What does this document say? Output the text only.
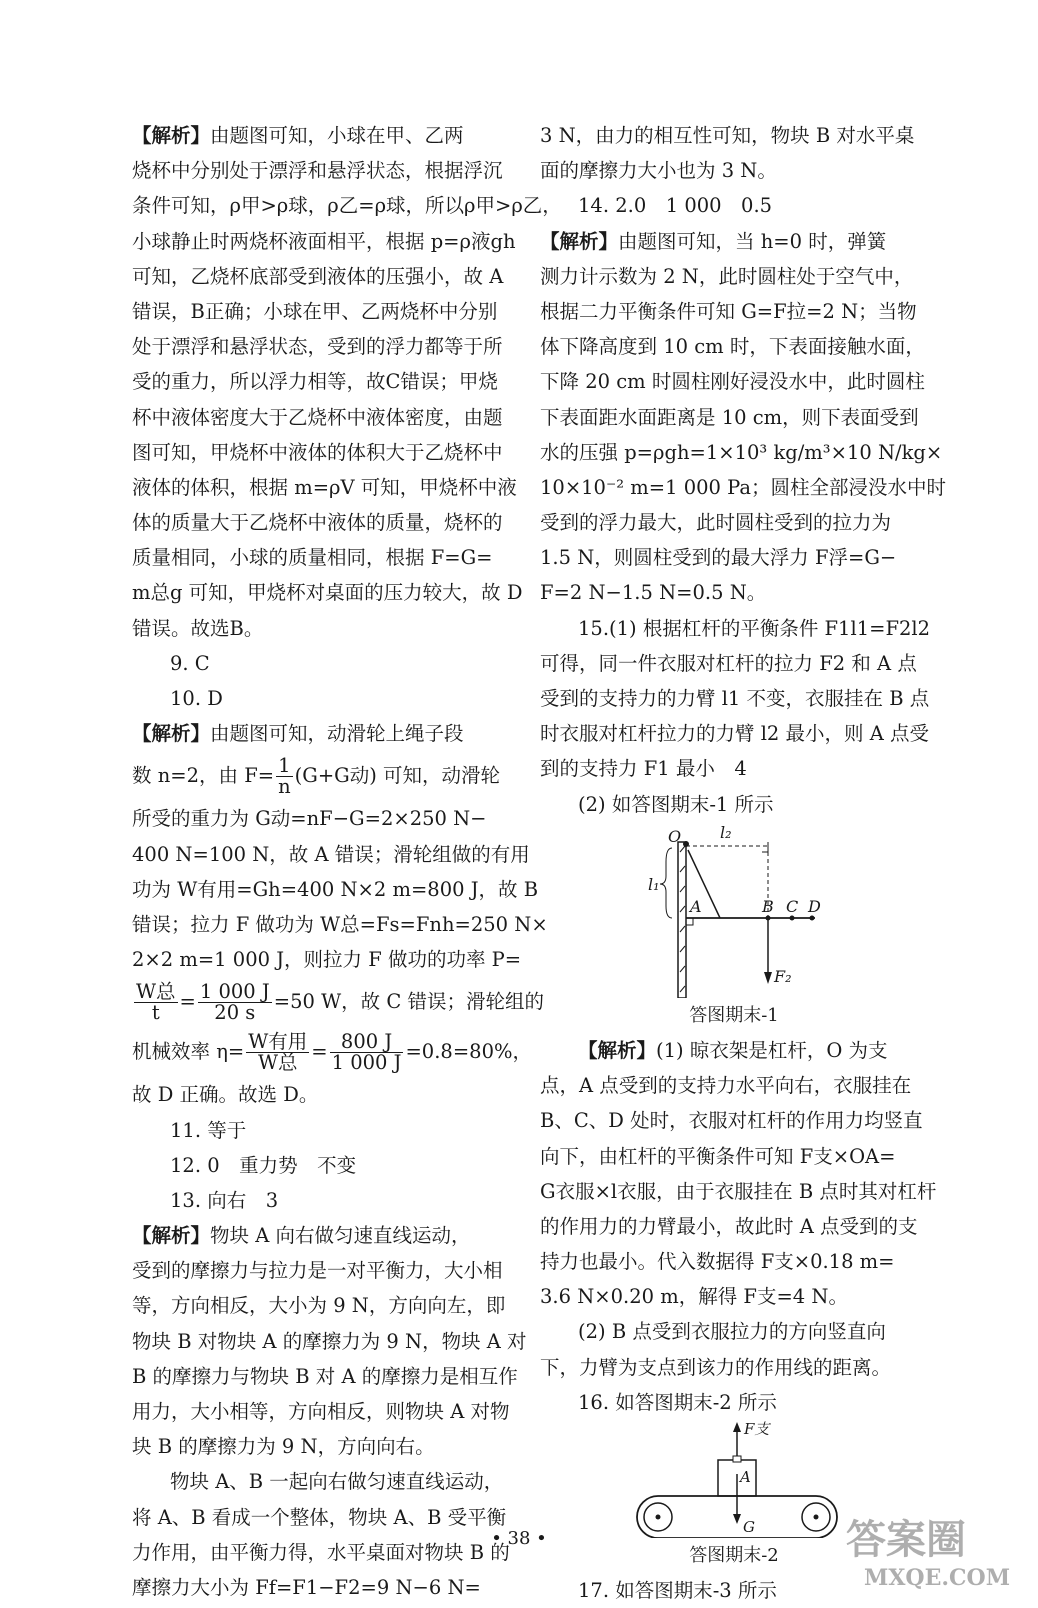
【解析】由题图可知，小球在甲、乙两
烧杯中分别处于漂浮和悬浮状态，根据浮沉
条件可知，ρ甲>ρ球，ρ乙=ρ球，所以ρ甲>ρ乙，
小球静止时两烧杯液面相平，根据 p=ρ液gh
可知，乙烧杯底部受到液体的压强小，故 A
错误，B正确；小球在甲、乙两烧杯中分别
处于漂浮和悬浮状态，受到的浮力都等于所
受的重力，所以浮力相等，故C错误；甲烧
杯中液体密度大于乙烧杯中液体密度，由题
图可知，甲烧杯中液体的体积大于乙烧杯中
液体的体积，根据 m=ρV 可知，甲烧杯中液
体的质量大于乙烧杯中液体的质量，烧杯的
质量相同，小球的质量相同，根据 F=G=
m总g 可知，甲烧杯对桌面的压力较大，故 D
错误。故选B。
9. C
10. D
【解析】由题图可知，动滑轮上绳子段
数 n=2，由 $F= \frac{1}{n} (G+G$动) 可知，动滑轮
所受的重力为 G动=nF−G=2×250 N−
400 N=100 N，故 A 错误；滑轮组做的有用
功为 W有用=Gh=400 N×2 m=800 J，故 B
错误；拉力 F 做功为 W总=Fs=Fnh=250 N×
2×2 m=1 000 J，则拉力 F 做功的功率 P=
$\frac{\text{W总}}{t} = \frac{1 000 J}{20 s} =50$ W，故 C 错误；滑轮组的
机械效率 $\eta= \frac{\text{W有用}}{\text{W总}} = \frac{800 J}{1 000 J} =0.8=80\%$，
故 D 正确。故选 D。
11. 等于
12. 0　重力势　不变
13. 向右　3
【解析】物块 A 向右做匀速直线运动，
受到的摩擦力与拉力是一对平衡力，大小相
等，方向相反，大小为 9 N，方向向左，即
物块 B 对物块 A 的摩擦力为 9 N，物块 A 对
B 的摩擦力与物块 B 对 A 的摩擦力是相互作
用力，大小相等，方向相反，则物块 A 对物
块 B 的摩擦力为 9 N，方向向右。
物块 A、B 一起向右做匀速直线运动，
将 A、B 看成一个整体，物块 A、B 受平衡
力作用，由平衡力得，水平桌面对物块 B 的
摩擦力大小为 Ff=F1−F2=9 N−6 N=
3 N，由力的相互性可知，物块 B 对水平桌
面的摩擦力大小也为 3 N。
14. 2.0　1 000　0.5
【解析】由题图可知，当 h=0 时，弹簧
测力计示数为 2 N，此时圆柱处于空气中，
根据二力平衡条件可知 G=F拉=2 N；当物
体下降高度到 10 cm 时，下表面接触水面，
下降 20 cm 时圆柱刚好浸没水中，此时圆柱
下表面距水面距离是 10 cm，则下表面受到
水的压强 p=ρgh=1×10³ kg/m³×10 N/kg×
10×10⁻² m=1 000 Pa；圆柱全部浸没水中时
受到的浮力最大，此时圆柱受到的拉力为
1.5 N，则圆柱受到的最大浮力 F浮=G−
F=2 N−1.5 N=0.5 N。
15.(1) 根据杠杆的平衡条件 F1l1=F2l2
可得，同一件衣服对杠杆的拉力 F2 和 A 点
受到的支持力的力臂 l1 不变，衣服挂在 B 点
时衣服对杠杆拉力的力臂 l2 最小，则 A 点受
到的支持力 F1 最小　4
(2) 如答图期末-1 所示
O l₂
l₁
A	B C D
F₂
答图期末-1
【解析】(1) 晾衣架是杠杆，O 为支
点，A 点受到的支持力水平向右，衣服挂在
B、C、D 处时，衣服对杠杆的作用力均竖直
向下，由杠杆的平衡条件可知 F支×OA=
G衣服×l衣服，由于衣服挂在 B 点时其对杠杆
的作用力的力臂最小，故此时 A 点受到的支
持力也最小。代入数据得 F支×0.18 m=
3.6 N×0.20 m，解得 F支=4 N。
(2) B 点受到衣服拉力的方向竖直向
下，力臂为支点到该力的作用线的距离。
16. 如答图期末-2 所示
F支
A
G
答图期末-2
17. 如答图期末-3 所示
• 38 •	答案圈
MXQE.COM
